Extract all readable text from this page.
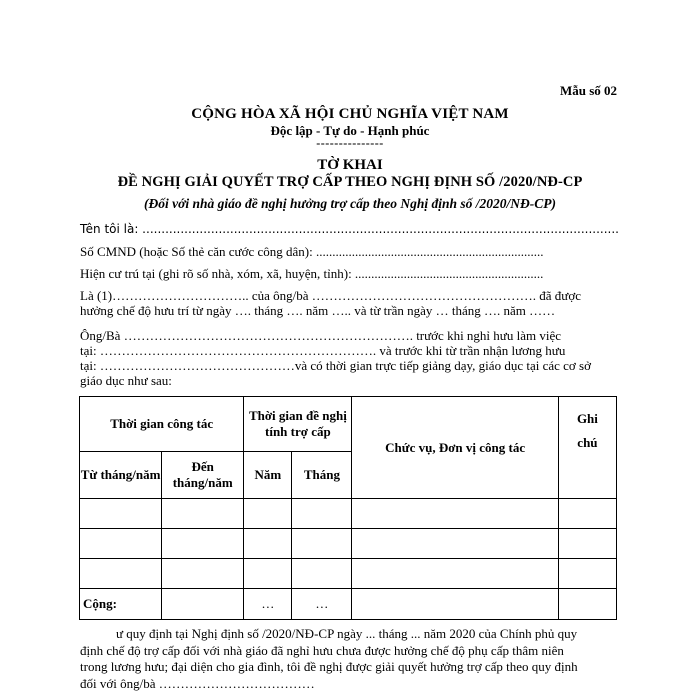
Mẫu số 02
CỘNG HÒA XÃ HỘI CHỦ NGHĨA VIỆT NAM
Độc lập - Tự do - Hạnh phúc
---------------
TỜ KHAI
ĐỀ NGHỊ GIẢI QUYẾT TRỢ CẤP THEO NGHỊ ĐỊNH SỐ /2020/NĐ-CP
(Đối với nhà giáo đề nghị hưởng trợ cấp theo Nghị định số /2020/NĐ-CP)
Tên tôi là: .............................................................................................................................
Số CMND (hoặc Số thẻ căn cước công dân): ......................................................................
Hiện cư trú tại (ghi rõ số nhà, xóm, xã, huyện, tỉnh): ..........................................................
Là (1)………………………….. của ông/bà ……………………………………………. đã được
hưởng chế độ hưu trí từ ngày …. tháng …. năm ….. và từ trần ngày … tháng …. năm ……
Ông/Bà …………………………………………………………. trước khi nghỉ hưu làm việc
tại: ………………………………………………………. và trước khi từ trần nhận lương hưu
tại: ………………………………………và có thời gian trực tiếp giảng dạy, giáo dục tại các cơ sở
giáo dục như sau:
Thời gian công tác		Thời gian đề nghị tính trợ cấp		Chức vụ, Đơn vị công tác	Ghi chú
Từ tháng/năm	Đến tháng/năm	Năm	Tháng		

Cộng:		…	…		
ư quy định tại Nghị định số /2020/NĐ-CP ngày ... tháng ... năm 2020 của Chính phủ quy
định chế độ trợ cấp đối với nhà giáo đã nghỉ hưu chưa được hưởng chế độ phụ cấp thâm niên
trong lương hưu; đại diện cho gia đình, tôi đề nghị được giải quyết hưởng trợ cấp theo quy định
đối với ông/bà ………………………………
